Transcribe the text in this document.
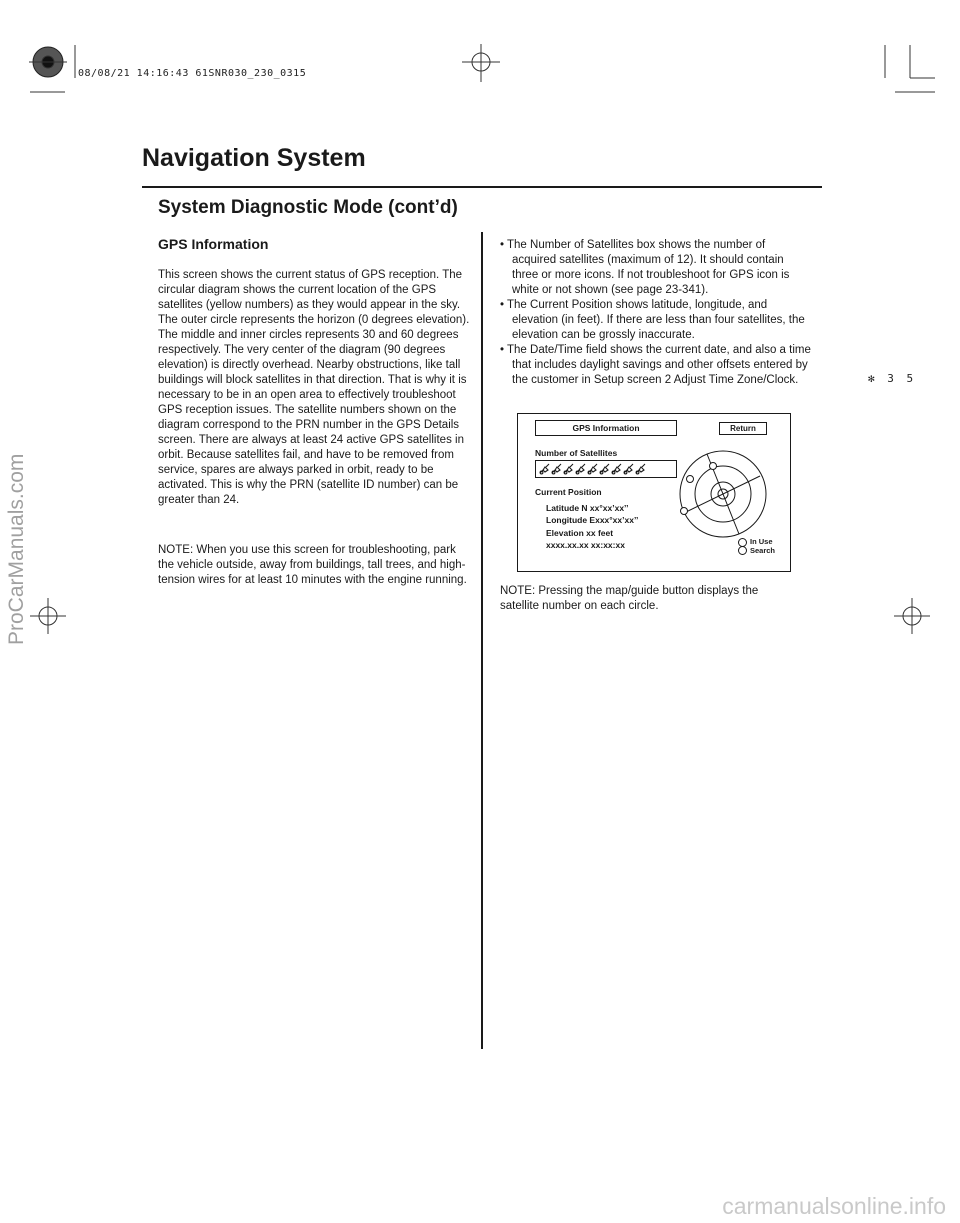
08/08/21 14:16:43 61SNR030_230_0315
Navigation System
System Diagnostic Mode (cont’d)
GPS Information

This screen shows the current status of GPS reception. The circular diagram shows the current location of the GPS satellites (yellow numbers) as they would appear in the sky. The outer circle represents the horizon (0 degrees elevation). The middle and inner circles represents 30 and 60 degrees respectively. The very center of the diagram (90 degrees elevation) is directly overhead. Nearby obstructions, like tall buildings will block satellites in that direction. That is why it is necessary to be in an open area to effectively troubleshoot GPS reception issues. The satellite numbers shown on the diagram correspond to the PRN number in the GPS Details screen. There are always at least 24 active GPS satellites in orbit. Because satellites fail, and have to be removed from service, spares are always parked in orbit, ready to be activated. This is why the PRN (satellite ID number) can be greater than 24.

NOTE: When you use this screen for troubleshooting, park the vehicle outside, away from buildings, tall trees, and high-tension wires for at least 10 minutes with the engine running.

• The Number of Satellites box shows the number of acquired satellites (maximum of 12). It should contain three or more icons. If not troubleshoot for GPS icon is white or not shown (see page 23-341).
• The Current Position shows latitude, longitude, and elevation (in feet). If there are less than four satellites, the elevation can be grossly inaccurate.
• The Date/Time field shows the current date, and also a time that includes daylight savings and other offsets entered by the customer in Setup screen 2 Adjust Time Zone/Clock.
GPS Information	Return
Number of Satellites
Current Position
Latitude N xx°xx’xx’’
Longitude Exxx°xx’xx’’
Elevation xx feet
xxxx.xx.xx xx:xx:xx	In Use
Search

NOTE: Pressing the map/guide button displays the satellite number on each circle.

✻ 3 5
ProCarManuals.com
carmanualsonline.info
